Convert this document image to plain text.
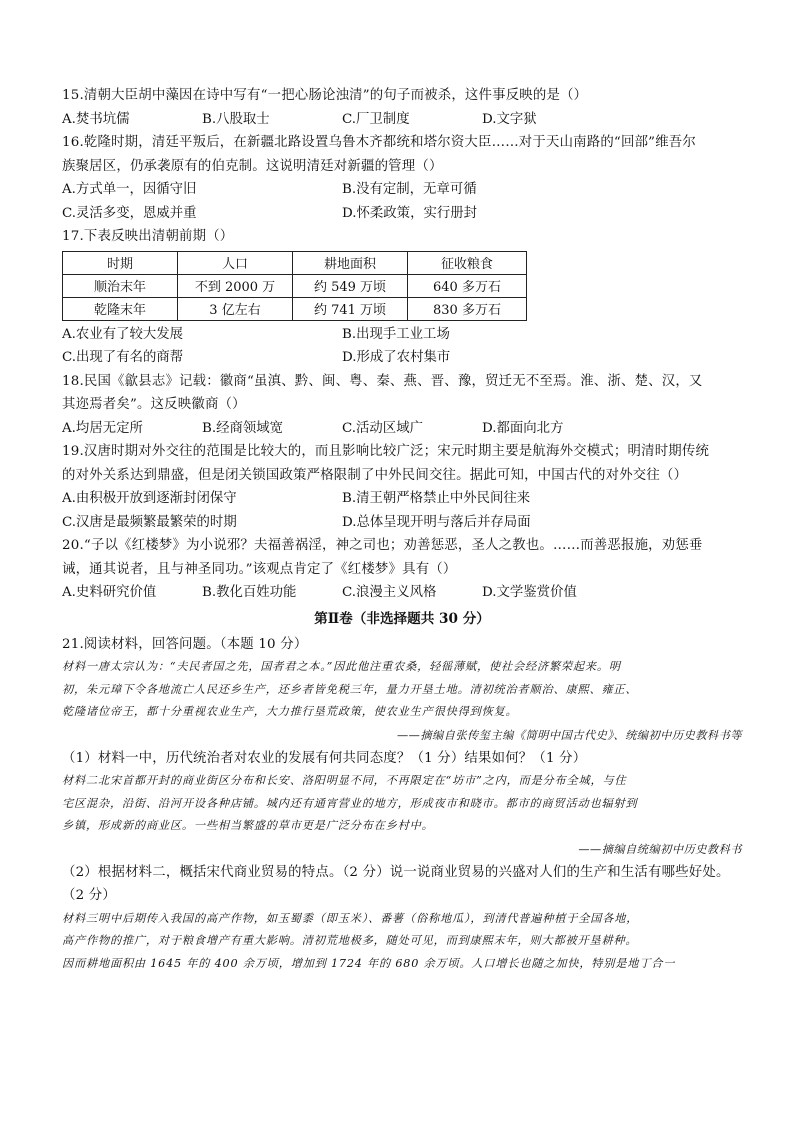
15.清朝大臣胡中藻因在诗中写有“一把心肠论浊清”的句子而被杀，这件事反映的是（）
A.焚书坑儒	B.八股取士	C.厂卫制度	D.文字狱
16.乾隆时期，清廷平叛后，在新疆北路设置乌鲁木齐都统和塔尔资大臣……对于天山南路的“回部”维吾尔
族聚居区，仍承袭原有的伯克制。这说明清廷对新疆的管理（）
A.方式单一，因循守旧	B.没有定制，无章可循
C.灵活多变，恩威并重	D.怀柔政策，实行册封
17.下表反映出清朝前期（）
时期	人口	耕地面积	征收粮食
顺治末年	不到 2000 万	约 549 万顷	640 多万石
乾隆末年	3 亿左右	约 741 万顷	830 多万石
A.农业有了较大发展	B.出现手工业工场
C.出现了有名的商帮	D.形成了农村集市
18.民国《歙县志》记载：徽商“虽滇、黔、闽、粤、秦、燕、晋、豫，贸迁无不至焉。淮、浙、楚、汉，又
其迩焉者矣”。这反映徽商（）
A.均居无定所	B.经商领域宽	C.活动区域广	D.都面向北方
19.汉唐时期对外交往的范围是比较大的，而且影响比较广泛；宋元时期主要是航海外交模式；明清时期传统
的对外关系达到鼎盛，但是闭关锁国政策严格限制了中外民间交往。据此可知，中国古代的对外交往（）
A.由积极开放到逐渐封闭保守	B.清王朝严格禁止中外民间往来
C.汉唐是最频繁最繁荣的时期	D.总体呈现开明与落后并存局面
20.“子以《红楼梦》为小说邪？夫福善祸淫，神之司也；劝善惩恶，圣人之教也。……而善恶报施，劝惩垂
诫，通其说者，且与神圣同功。”该观点肯定了《红楼梦》具有（）
A.史料研究价值	B.教化百姓功能	C.浪漫主义风格	D.文学鉴赏价值
第Ⅱ卷（非选择题共 30 分）
21.阅读材料，回答问题。（本题 10 分）
材料一唐太宗认为：“夫民者国之先，国者君之本。”因此他注重农桑，轻徭薄赋，使社会经济繁荣起来。明
初，朱元璋下令各地流亡人民还乡生产，还乡者皆免税三年，量力开垦土地。清初统治者顺治、康熙、雍正、
乾隆诸位帝王，都十分重视农业生产，大力推行垦荒政策，使农业生产很快得到恢复。
——摘编自张传玺主编《简明中国古代史》、统编初中历史教科书等
（1）材料一中，历代统治者对农业的发展有何共同态度？（1 分）结果如何？（1 分）
材料二北宋首都开封的商业街区分布和长安、洛阳明显不同，不再限定在“坊市”之内，而是分布全城，与住
宅区混杂，沿街、沿河开设各种店铺。城内还有通宵营业的地方，形成夜市和晓市。都市的商贸活动也辐射到
乡镇，形成新的商业区。一些相当繁盛的草市更是广泛分布在乡村中。
——摘编自统编初中历史教科书
（2）根据材料二，概括宋代商业贸易的特点。（2 分）说一说商业贸易的兴盛对人们的生产和生活有哪些好处。
（2 分）
材料三明中后期传入我国的高产作物，如玉蜀黍（即玉米）、番薯（俗称地瓜），到清代普遍种植于全国各地，
高产作物的推广，对于粮食增产有重大影响。清初荒地极多，随处可见，而到康熙末年，则大都被开垦耕种。
因而耕地面积由 1645 年的 400 余万顷，增加到 1724 年的 680 余万顷。人口增长也随之加快，特别是地丁合一
